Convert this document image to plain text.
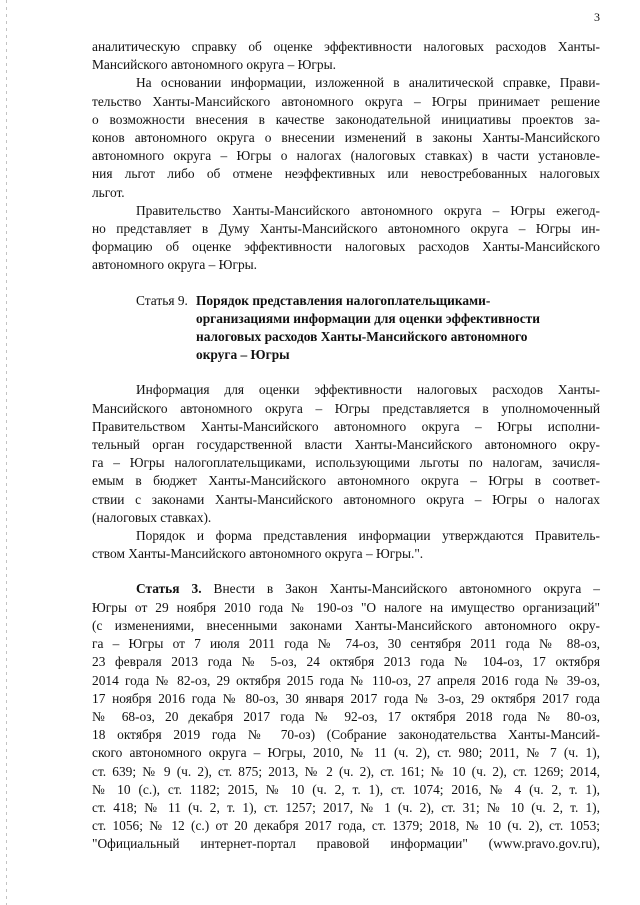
3
аналитическую справку об оценке эффективности налоговых расходов Ханты-
Мансийского автономного округа – Югры.
На основании информации, изложенной в аналитической справке, Прави-
тельство Ханты-Мансийского автономного округа – Югры принимает решение
о возможности внесения в качестве законодательной инициативы проектов за-
конов автономного округа о внесении изменений в законы Ханты-Мансийского
автономного округа – Югры о налогах (налоговых ставках) в части установле-
ния льгот либо об отмене неэффективных или невостребованных налоговых
льгот.
Правительство Ханты-Мансийского автономного округа – Югры ежегод-
но представляет в Думу Ханты-Мансийского автономного округа – Югры ин-
формацию об оценке эффективности налоговых расходов Ханты-Мансийского
автономного округа – Югры.
Статья 9. Порядок представления налогоплательщиками-
организациями информации для оценки эффективности
налоговых расходов Ханты-Мансийского автономного
округа – Югры
Информация для оценки эффективности налоговых расходов Ханты-
Мансийского автономного округа – Югры представляется в уполномоченный
Правительством Ханты-Мансийского автономного округа – Югры исполни-
тельный орган государственной власти Ханты-Мансийского автономного окру-
га – Югры налогоплательщиками, использующими льготы по налогам, зачисля-
емым в бюджет Ханты-Мансийского автономного округа – Югры в соответ-
ствии с законами Ханты-Мансийского автономного округа – Югры о налогах
(налоговых ставках).
Порядок и форма представления информации утверждаются Правитель-
ством Ханты-Мансийского автономного округа – Югры.".
Статья 3. Внести в Закон Ханты-Мансийского автономного округа –
Югры от 29 ноября 2010 года № 190-оз "О налоге на имущество организаций"
(с изменениями, внесенными законами Ханты-Мансийского автономного окру-
га – Югры от 7 июля 2011 года № 74-оз, 30 сентября 2011 года № 88-оз,
23 февраля 2013 года № 5-оз, 24 октября 2013 года № 104-оз, 17 октября
2014 года № 82-оз, 29 октября 2015 года № 110-оз, 27 апреля 2016 года № 39-оз,
17 ноября 2016 года № 80-оз, 30 января 2017 года № 3-оз, 29 октября 2017 года
№ 68-оз, 20 декабря 2017 года № 92-оз, 17 октября 2018 года № 80-оз,
18 октября 2019 года № 70-оз) (Собрание законодательства Ханты-Мансий-
ского автономного округа – Югры, 2010, № 11 (ч. 2), ст. 980; 2011, № 7 (ч. 1),
ст. 639; № 9 (ч. 2), ст. 875; 2013, № 2 (ч. 2), ст. 161; № 10 (ч. 2), ст. 1269; 2014,
№ 10 (с.), ст. 1182; 2015, № 10 (ч. 2, т. 1), ст. 1074; 2016, № 4 (ч. 2, т. 1),
ст. 418; № 11 (ч. 2, т. 1), ст. 1257; 2017, № 1 (ч. 2), ст. 31; № 10 (ч. 2, т. 1),
ст. 1056; № 12 (с.) от 20 декабря 2017 года, ст. 1379; 2018, № 10 (ч. 2), ст. 1053;
"Официальный интернет-портал правовой информации" (www.pravo.gov.ru),
